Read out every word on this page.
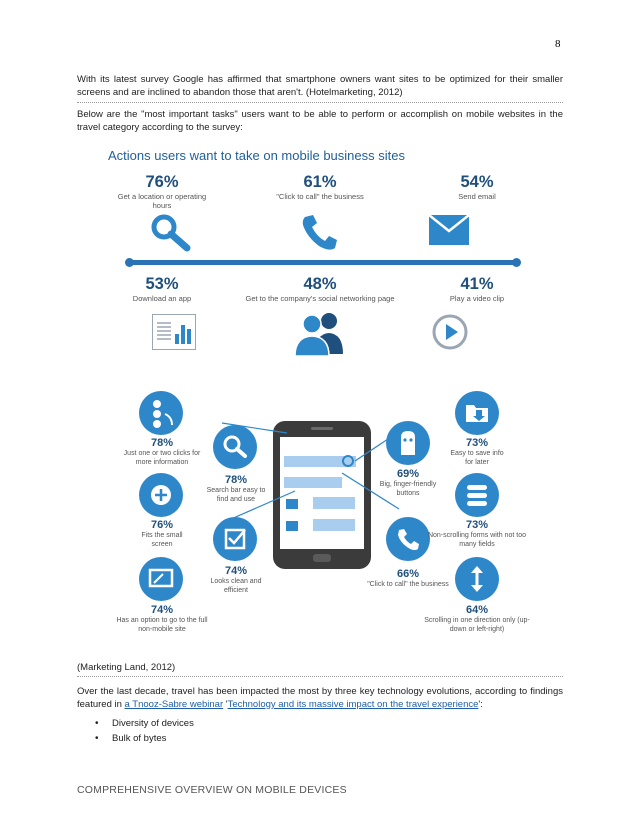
8

With its latest survey Google has affirmed that smartphone owners want sites to be optimized for their smaller screens and are inclined to abandon those that aren't. (Hotelmarketing, 2012)

Below are the "most important tasks" users want to be able to perform or accomplish on mobile websites in the travel category according to the survey:

Actions users want to take on mobile business sites
76%
Get a location or operating hours
61%
"Click to call" the business
54%
Send email
53%
Download an app
48%
Get to the company's social networking page
41%
Play a video clip
78%
Just one or two clicks for more information
76%
Fits the small screen
74%
Has an option to go to the full non-mobile site
78%
Search bar easy to find and use
74%
Looks clean and efficient
69%
Big, finger-friendly buttons
66%
"Click to call" the business
73%
Easy to save info for later
73%
Non-scrolling forms with not too many fields
64%
Scrolling in one direction only (up-down or left-right)

(Marketing Land, 2012)

Over the last decade, travel has been impacted the most by three key technology evolutions, according to findings featured in a Tnooz-Sabre webinar 'Technology and its massive impact on the travel experience':

• Diversity of devices
• Bulk of bytes
COMPREHENSIVE OVERVIEW ON MOBILE DEVICES
